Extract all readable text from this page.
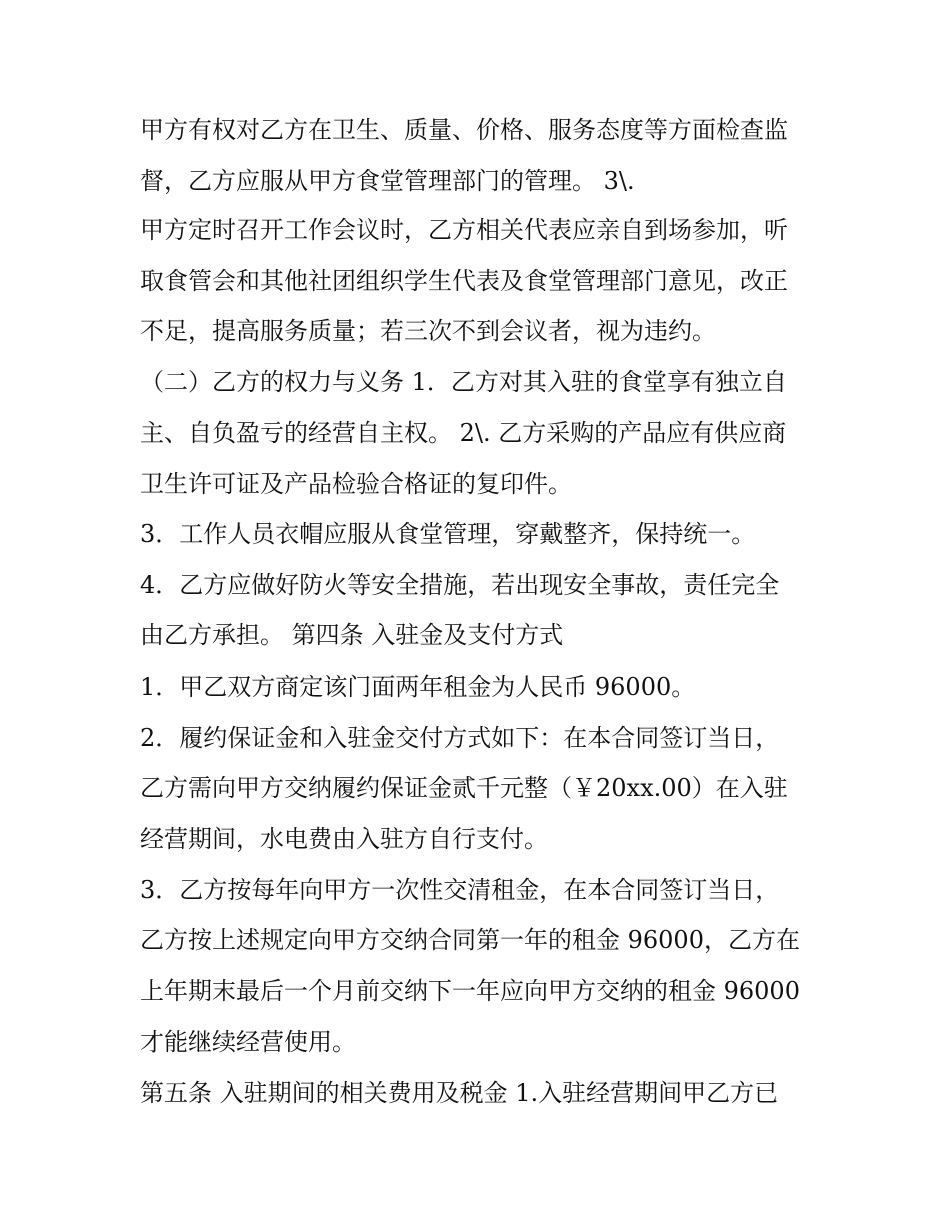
甲方有权对乙方在卫生、质量、价格、服务态度等方面检查监
督，乙方应服从甲方食堂管理部门的管理。 3\.
甲方定时召开工作会议时，乙方相关代表应亲自到场参加，听
取食管会和其他社团组织学生代表及食堂管理部门意见，改正
不足，提高服务质量；若三次不到会议者，视为违约。
（二）乙方的权力与义务 1．乙方对其入驻的食堂享有独立自
主、自负盈亏的经营自主权。 2\. 乙方采购的产品应有供应商
卫生许可证及产品检验合格证的复印件。
3．工作人员衣帽应服从食堂管理，穿戴整齐，保持统一。
4．乙方应做好防火等安全措施，若出现安全事故，责任完全
由乙方承担。 第四条 入驻金及支付方式
1．甲乙双方商定该门面两年租金为人民币 96000。
2．履约保证金和入驻金交付方式如下：在本合同签订当日，
乙方需向甲方交纳履约保证金贰千元整（￥20xx.00）在入驻
经营期间，水电费由入驻方自行支付。
3．乙方按每年向甲方一次性交清租金，在本合同签订当日，
乙方按上述规定向甲方交纳合同第一年的租金 96000，乙方在
上年期末最后一个月前交纳下一年应向甲方交纳的租金 96000
才能继续经营使用。
第五条 入驻期间的相关费用及税金 1.入驻经营期间甲乙方已
